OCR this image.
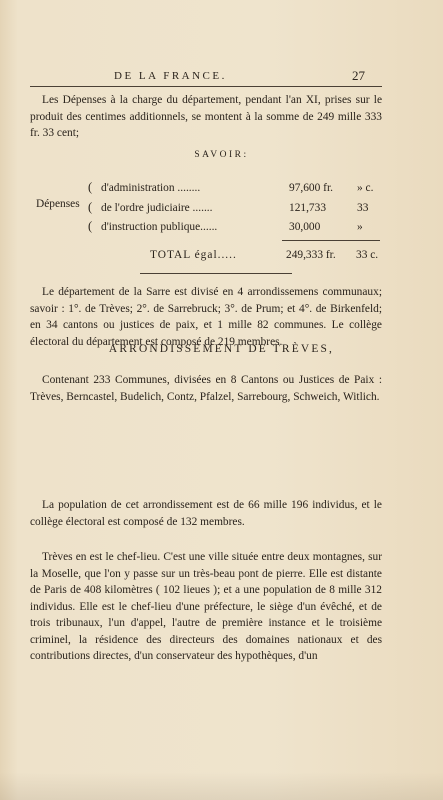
DE LA FRANCE.	27

Les Dépenses à la charge du département, pendant l'an XI, prises sur le produit des centimes additionnels, se montent à la somme de 249 mille 333 fr. 33 cent;

SAVOIR:
Dépenses
(
(
(
d'administration ........	97,600 fr. » c.
de l'ordre judiciaire .......	121,733	33
d'instruction publique......	30,000	»
TOTAL égal.....	249,333 fr. 33 c.

Le département de la Sarre est divisé en 4 arrondissemens communaux; savoir : 1°. de Trèves; 2°. de Sarrebruck; 3°. de Prum; et 4°. de Birkenfeld; en 34 cantons ou justices de paix, et 1 mille 82 communes. Le collège électoral du département est composé de 219 membres.

ARRONDISSEMENT DE TRÈVES,

Contenant 233 Communes, divisées en 8 Cantons ou Justices de Paix : Trèves, Berncastel, Budelich, Contz, Pfalzel, Sarrebourg, Schweich, Witlich.

La population de cet arrondissement est de 66 mille 196 individus, et le collège électoral est composé de 132 membres.

Trèves en est le chef-lieu. C'est une ville située entre deux montagnes, sur la Moselle, que l'on y passe sur un très-beau pont de pierre. Elle est distante de Paris de 408 kilomètres ( 102 lieues ); et a une population de 8 mille 312 individus. Elle est le chef-lieu d'une préfecture, le siège d'un évêché, et de trois tribunaux, l'un d'appel, l'autre de première instance et le troisième criminel, la résidence des directeurs des domaines nationaux et des contributions directes, d'un conservateur des hypothèques, d'un
